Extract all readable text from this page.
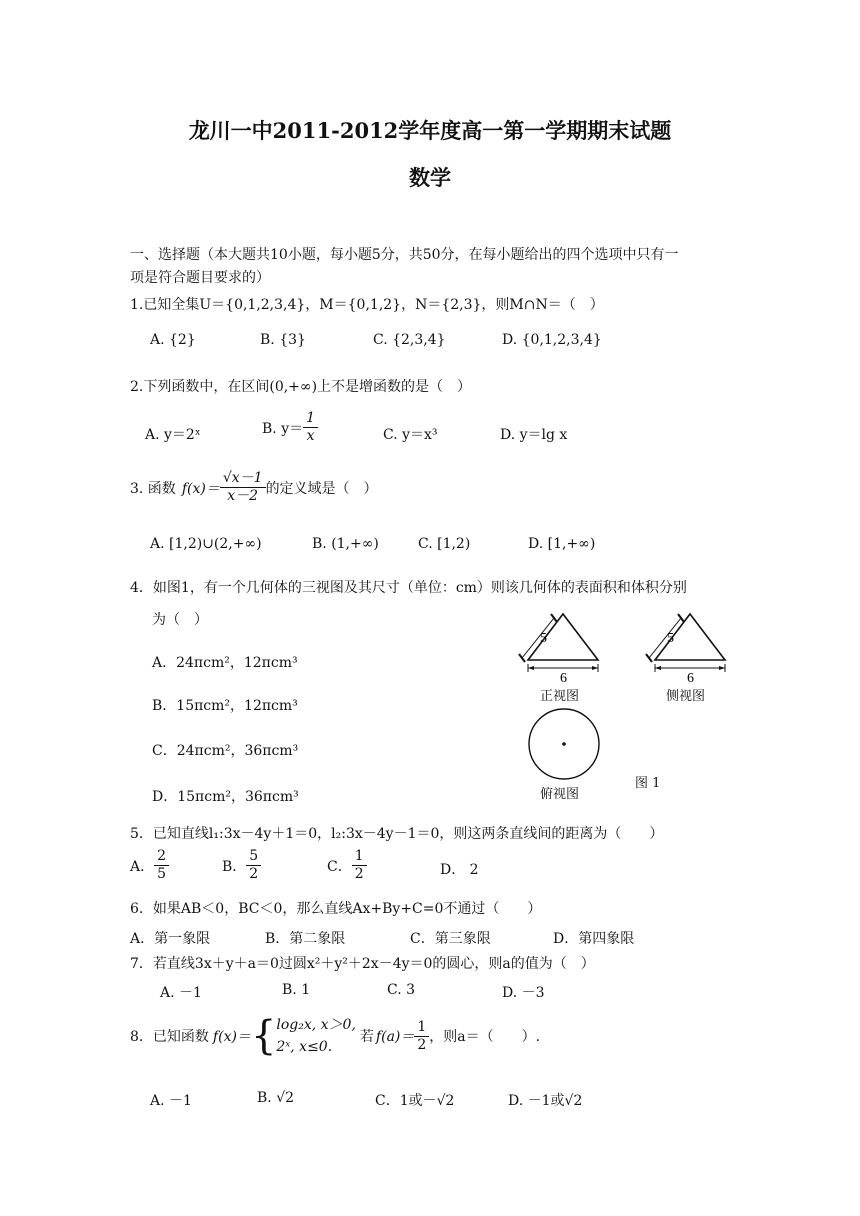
龙川一中2011-2012学年度高一第一学期期末试题
数学
一、选择题（本大题共10小题，每小题5分，共50分，在每小题给出的四个选项中只有一
项是符合题目要求的）
1.已知全集U＝{0,1,2,3,4}，M＝{0,1,2}，N＝{2,3}，则M∩N＝（　）
A. {2}	B. {3}	C. {2,3,4}	D. {0,1,2,3,4}
2.下列函数中，在区间(0,+∞)上不是增函数的是（　）
A. y＝2ˣ	B. $y= \frac{1}{x}$	C. y＝x³	D. y＝lg x
3. 函数 $f(x)= \frac{√x-1}{x-2}$ 的定义域是（　）
A. [1,2)∪(2,+∞)	B. (1,+∞)	C. [1,2)	D. [1,+∞)
4．如图1，有一个几何体的三视图及其尺寸（单位：cm）则该几何体的表面积和体积分别
为（　）
A．24πcm²，12πcm³
B．15πcm²，12πcm³
C．24πcm²，36πcm³
D．15πcm²，36πcm³
5
6
5
6
正视图	侧视图
俯视图
图 1
5．已知直线l₁:3x－4y＋1＝0，l₂:3x－4y－1＝0，则这两条直线间的距离为（　　）
A． $\frac{2}{5}$	B． $\frac{5}{2}$	C． $\frac{1}{2}$	D． 2
6．如果AB＜0，BC＜0，那么直线Ax+By+C=0不通过（　　）
A．第一象限	B．第二象限	C．第三象限	D．第四象限
7．若直线3x＋y＋a＝0过圆x²＋y²＋2x－4y＝0的圆心，则a的值为（　）
A. －1	B. 1	C. 3	D. －3
8．已知函数 f(x)＝ { log₂x, x＞0,
2ˣ, x≤0.
若 $f(a)= \frac{1}{2}$ ，则a＝（　　）.
A. －1	B. √2	C．1或－√2	D. －1或√2
